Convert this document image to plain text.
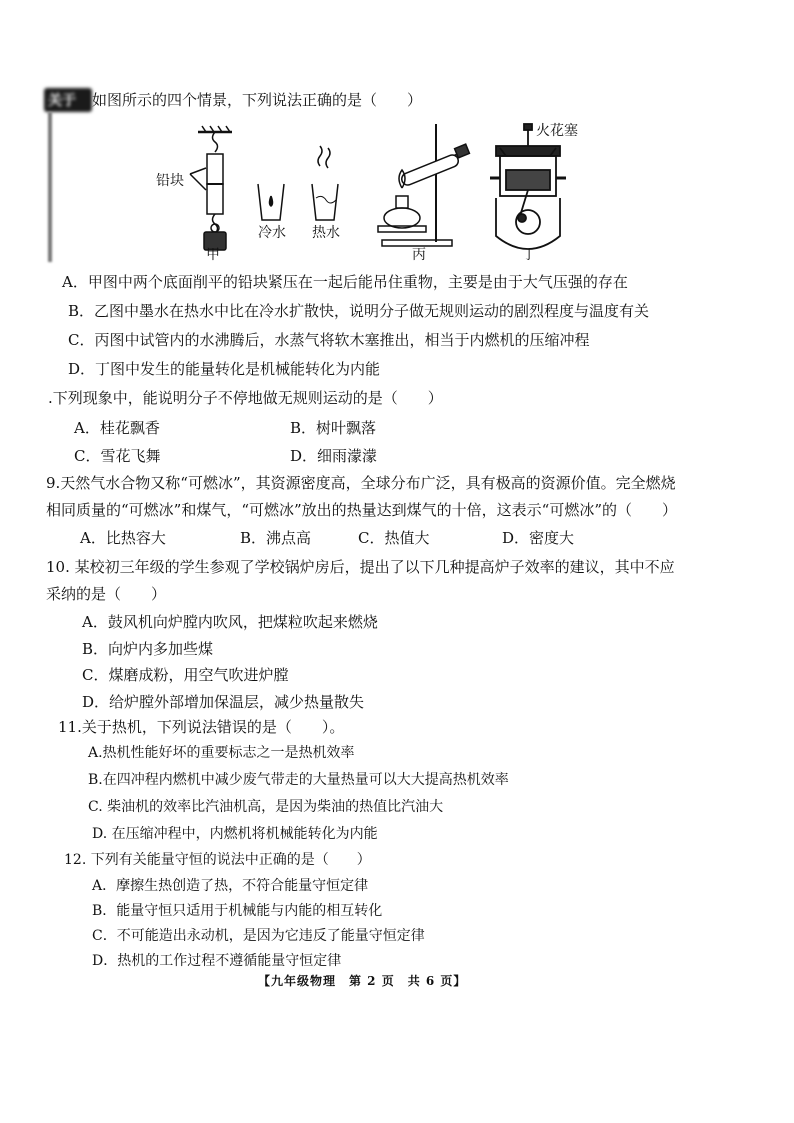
关于 如图所示的四个情景，下列说法正确的是（　　）
铅块
甲
冷水 热水
丙
火花塞
丁
A．甲图中两个底面削平的铅块紧压在一起后能吊住重物，主要是由于大气压强的存在
B．乙图中墨水在热水中比在冷水扩散快，说明分子做无规则运动的剧烈程度与温度有关
C．丙图中试管内的水沸腾后，水蒸气将软木塞推出，相当于内燃机的压缩冲程
D．丁图中发生的能量转化是机械能转化为内能
.下列现象中，能说明分子不停地做无规则运动的是（　　）
A．桂花飘香	B．树叶飘落
C．雪花飞舞	D．细雨濛濛
9.天然气水合物又称“可燃冰”，其资源密度高，全球分布广泛，具有极高的资源价值。完全燃烧
相同质量的“可燃冰”和煤气，“可燃冰”放出的热量达到煤气的十倍，这表示“可燃冰”的（　　）
A．比热容大	B．沸点高	C．热值大	D．密度大
10. 某校初三年级的学生参观了学校锅炉房后，提出了以下几种提高炉子效率的建议，其中不应
采纳的是（　　）
A．鼓风机向炉膛内吹风，把煤粒吹起来燃烧
B．向炉内多加些煤
C．煤磨成粉，用空气吹进炉膛
D．给炉膛外部增加保温层，减少热量散失
11.关于热机，下列说法错误的是（　　）。
A.热机性能好坏的重要标志之一是热机效率
B.在四冲程内燃机中减少废气带走的大量热量可以大大提高热机效率
C. 柴油机的效率比汽油机高，是因为柴油的热值比汽油大
D. 在压缩冲程中，内燃机将机械能转化为内能
12. 下列有关能量守恒的说法中正确的是（　　）
A．摩擦生热创造了热，不符合能量守恒定律
B．能量守恒只适用于机械能与内能的相互转化
C．不可能造出永动机，是因为它违反了能量守恒定律
D．热机的工作过程不遵循能量守恒定律
【九年级物理　第 2 页　共 6 页】
